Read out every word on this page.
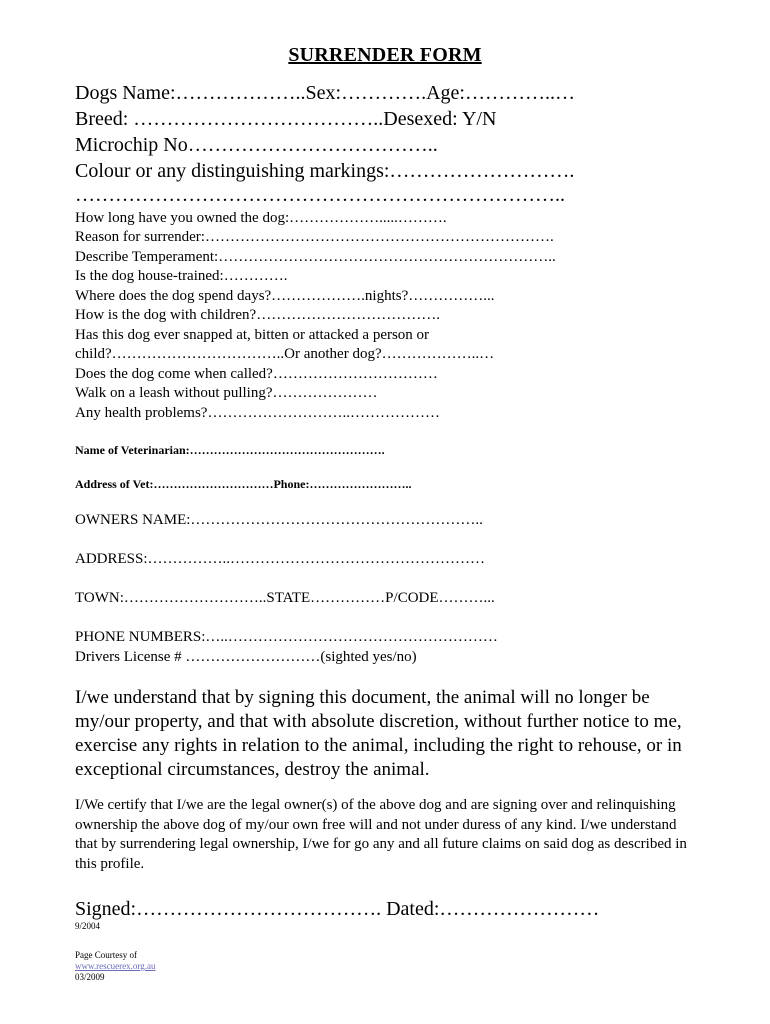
SURRENDER FORM

Dogs Name:………………..Sex:………….Age:…………..…

Breed: ………………………………..Desexed: Y/N

Microchip No………………………………..

Colour or any distinguishing markings:……………………….

………………………………………………………………..

How long have you owned the dog:……………….....……….

Reason for surrender:…………………………………………………………….

Describe Temperament:…………………………………………………………..

Is the dog house-trained:………….

Where does the dog spend days?……………….nights?……………...

How is the dog with children?……………………………….

Has this dog ever snapped at, bitten or attacked a person or

child?……………………………..Or another dog?………………..…

Does the dog come when called?……………………………

Walk on a leash without pulling?…………………

Any health problems?………………………..………………

Name of Veterinarian:………………………………………….

Address of Vet:…………………………Phone:……………………..

OWNERS NAME:…………………………………………………..

ADDRESS:……………..……………………………………………

TOWN:………………………..STATE……………P/CODE………...

PHONE NUMBERS:…..………………………………………………

Drivers License # ………………………(sighted yes/no)

I/we understand that by signing this document, the animal will no longer be my/our property, and that with absolute discretion, without further notice to me, exercise any rights in relation to the animal, including the right to rehouse, or in exceptional circumstances, destroy the animal.

I/We certify that I/we are the legal owner(s) of the above dog and are signing over and relinquishing ownership the above dog of my/our own free will and not under duress of any kind. I/we understand that by surrendering legal ownership, I/we for go any and all future claims on said dog as described in this profile.

Signed:………………………………. Dated:……………………

9/2004

Page Courtesy of

www.rescuerex.org.au

03/2009
